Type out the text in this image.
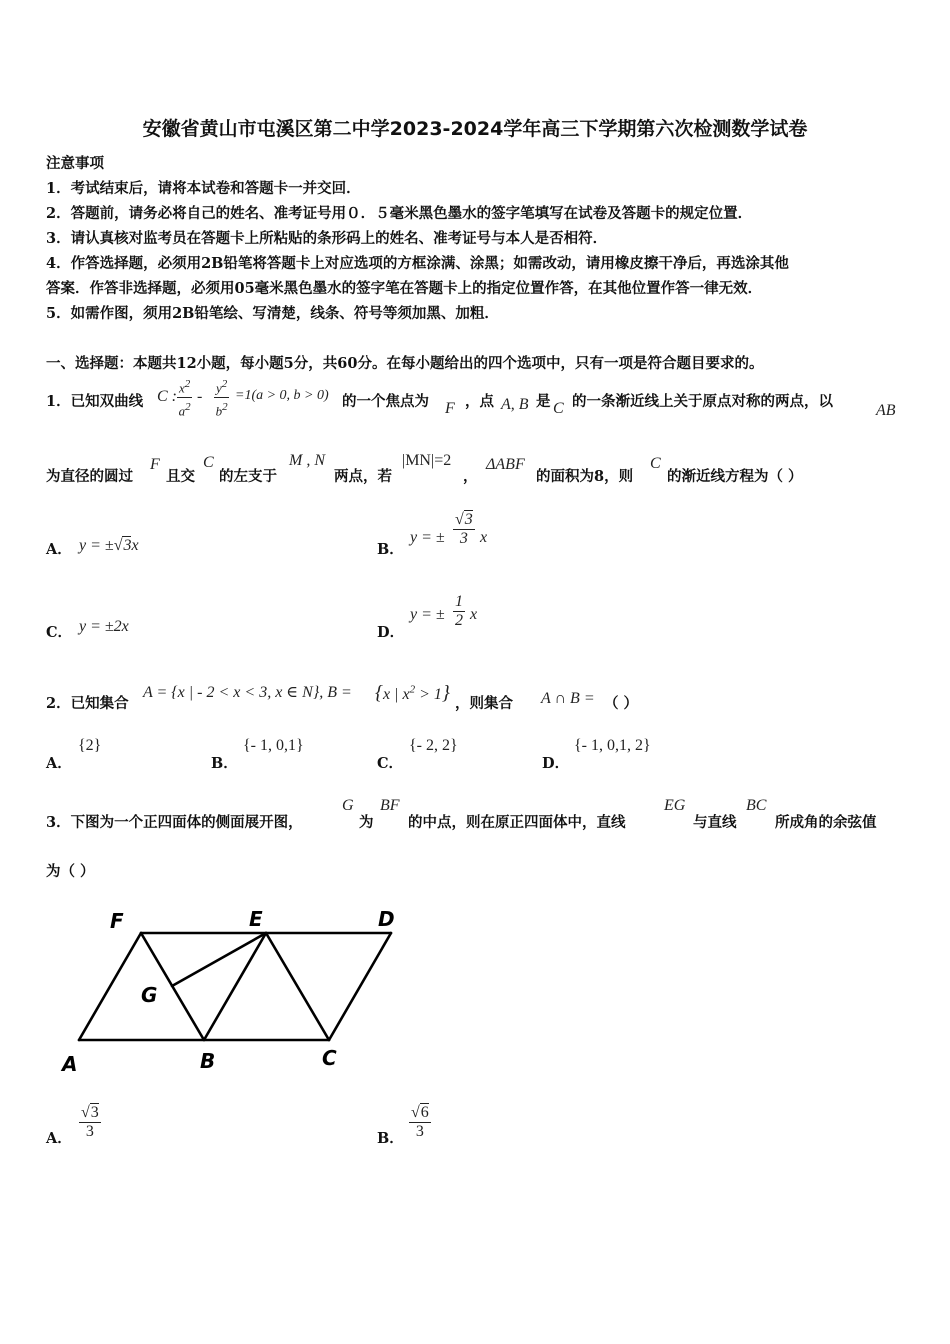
安徽省黄山市屯溪区第二中学2023-2024学年高三下学期第六次检测数学试卷
注意事项
1．考试结束后，请将本试卷和答题卡一并交回．
2．答题前，请务必将自己的姓名、准考证号用０．５毫米黑色墨水的签字笔填写在试卷及答题卡的规定位置．
3．请认真核对监考员在答题卡上所粘贴的条形码上的姓名、准考证号与本人是否相符．
4．作答选择题，必须用2B铅笔将答题卡上对应选项的方框涂满、涂黑；如需改动，请用橡皮擦干净后，再选涂其他
答案．作答非选择题，必须用05毫米黑色墨水的签字笔在答题卡上的指定位置作答，在其他位置作答一律无效．
5．如需作图，须用2B铅笔绘、写清楚，线条、符号等须加黑、加粗．
一、选择题：本题共12小题，每小题5分，共60分。在每小题给出的四个选项中，只有一项是符合题目要求的。
1．已知双曲线 C : $\frac{x^2}{a^2} - \frac{y^2}{b^2} =1(a > 0$, b > 0) 的一个焦点为 F ，点 A, B 是 C 的一条渐近线上关于原点对称的两点，以
AB
为直径的圆过
F
且交
C
的左支于
M , N
两点，若
|MN|=2
，
ΔABF
的面积为8，则
C
的渐近线方程为（ ）
A． y = ±√3x	B．
y = ± $\frac{√3}{3}$ x
C． y = ±2x	D．
y = ± $\frac{1}{2}$ x
2．已知集合
A = {x | - 2 < x < 3, x ∈ N}, B = {x | $x^2 > 1$} ，则集合 A ∩ B = （ ）
A．
{2}
B．
{- 1, 0,1}
C．
{- 2, 2}
D．
{- 1, 0,1, 2}
3．下图为一个正四面体的侧面展开图，
G
为
BF
的中点，则在原正四面体中，直线
EG
与直线
BC
所成角的余弦值
为（ ）
F	E	D
G
A	B	C
A． $\frac{√3}{3}$	B． $\frac{√6}{3}$
